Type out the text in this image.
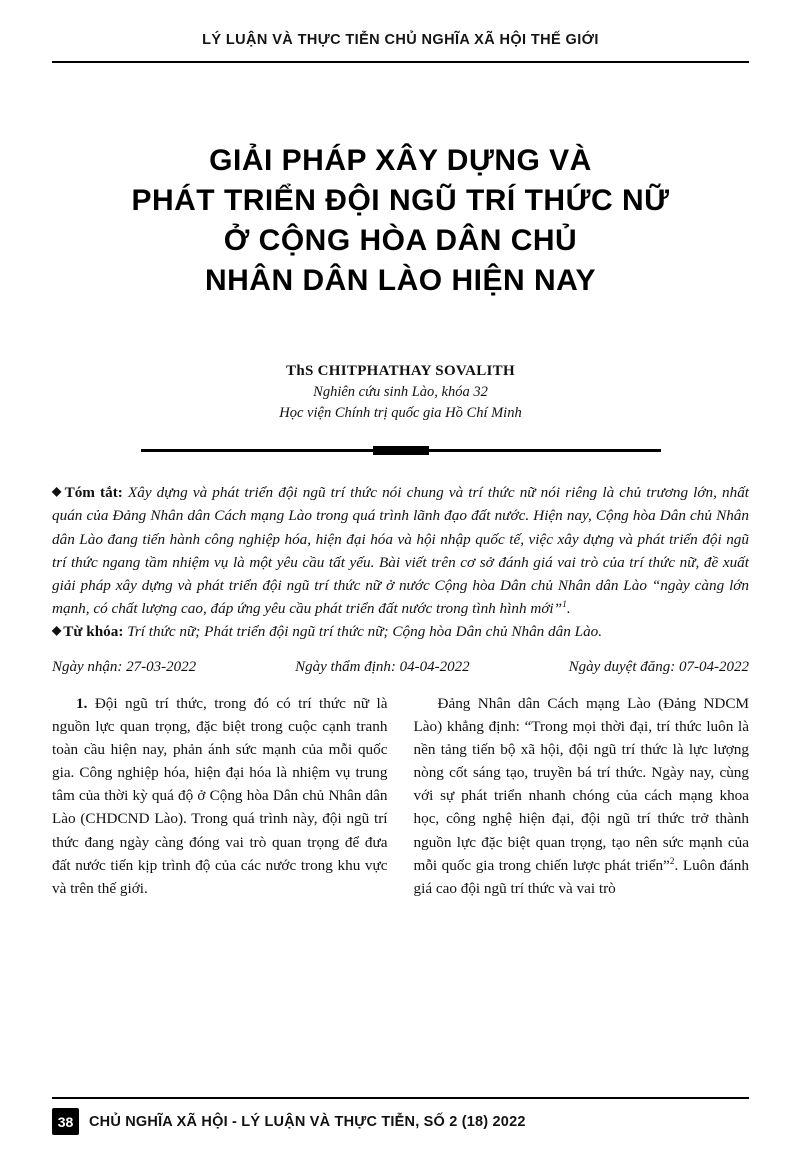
LÝ LUẬN VÀ THỰC TIỄN CHỦ NGHĨA XÃ HỘI THẾ GIỚI
GIẢI PHÁP XÂY DỰNG VÀ
PHÁT TRIỂN ĐỘI NGŨ TRÍ THỨC NỮ
Ở CỘNG HÒA DÂN CHỦ
NHÂN DÂN LÀO HIỆN NAY
ThS CHITPHATHAY SOVALITH
Nghiên cứu sinh Lào, khóa 32
Học viện Chính trị quốc gia Hồ Chí Minh

◆ Tóm tắt: Xây dựng và phát triển đội ngũ trí thức nói chung và trí thức nữ nói riêng là chủ trương lớn, nhất quán của Đảng Nhân dân Cách mạng Lào trong quá trình lãnh đạo đất nước. Hiện nay, Cộng hòa Dân chủ Nhân dân Lào đang tiến hành công nghiệp hóa, hiện đại hóa và hội nhập quốc tế, việc xây dựng và phát triển đội ngũ trí thức ngang tầm nhiệm vụ là một yêu cầu tất yếu. Bài viết trên cơ sở đánh giá vai trò của trí thức nữ, đề xuất giải pháp xây dựng và phát triển đội ngũ trí thức nữ ở nước Cộng hòa Dân chủ Nhân dân Lào “ngày càng lớn mạnh, có chất lượng cao, đáp ứng yêu cầu phát triển đất nước trong tình hình mới”$^1$.

◆ Từ khóa: Trí thức nữ; Phát triển đội ngũ trí thức nữ; Cộng hòa Dân chủ Nhân dân Lào.

Ngày nhận: 27-03-2022	Ngày thẩm định: 04-04-2022	Ngày duyệt đăng: 07-04-2022

1. Đội ngũ trí thức, trong đó có trí thức nữ là nguồn lực quan trọng, đặc biệt trong cuộc cạnh tranh toàn cầu hiện nay, phản ánh sức mạnh của mỗi quốc gia. Công nghiệp hóa, hiện đại hóa là nhiệm vụ trung tâm của thời kỳ quá độ ở Cộng hòa Dân chủ Nhân dân Lào (CHDCND Lào). Trong quá trình này, đội ngũ trí thức đang ngày càng đóng vai trò quan trọng để đưa đất nước tiến kịp trình độ của các nước trong khu vực và trên thế giới.

Đảng Nhân dân Cách mạng Lào (Đảng NDCM Lào) khẳng định: “Trong mọi thời đại, trí thức luôn là nền tảng tiến bộ xã hội, đội ngũ trí thức là lực lượng nòng cốt sáng tạo, truyền bá trí thức. Ngày nay, cùng với sự phát triển nhanh chóng của cách mạng khoa học, công nghệ hiện đại, đội ngũ trí thức trở thành nguồn lực đặc biệt quan trọng, tạo nên sức mạnh của mỗi quốc gia trong chiến lược phát triển”$^2$. Luôn đánh giá cao đội ngũ trí thức và vai trò

38	CHỦ NGHĨA XÃ HỘI - LÝ LUẬN VÀ THỰC TIỄN, SỐ 2 (18) 2022
